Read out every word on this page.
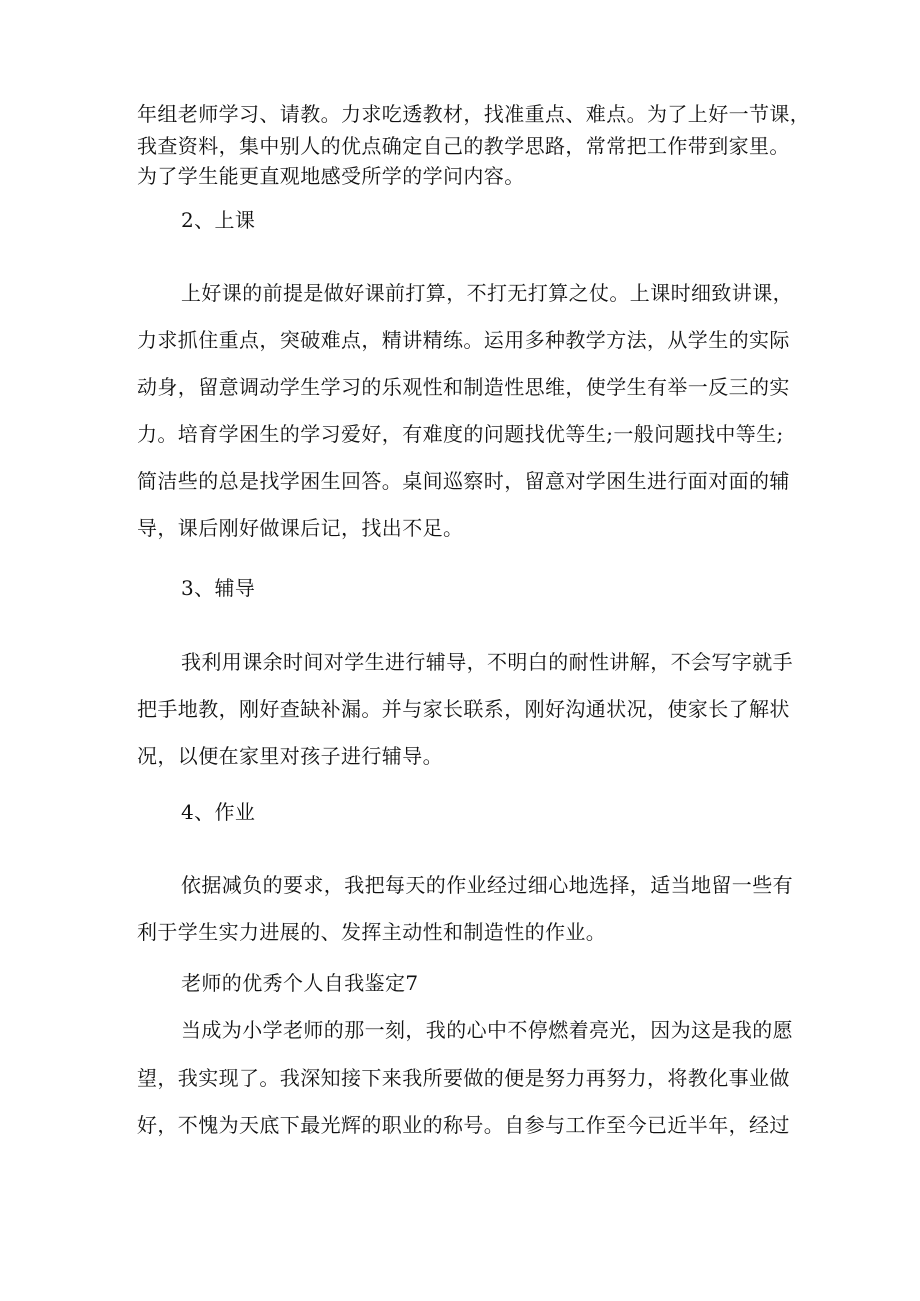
年组老师学习、请教。力求吃透教材，找准重点、难点。为了上好一节课，
我查资料，集中别人的优点确定自己的教学思路，常常把工作带到家里。
为了学生能更直观地感受所学的学问内容。
2、上课
上好课的前提是做好课前打算，不打无打算之仗。上课时细致讲课，
力求抓住重点，突破难点，精讲精练。运用多种教学方法，从学生的实际
动身，留意调动学生学习的乐观性和制造性思维，使学生有举一反三的实
力。培育学困生的学习爱好，有难度的问题找优等生;一般问题找中等生;
简洁些的总是找学困生回答。桌间巡察时，留意对学困生进行面对面的辅
导，课后刚好做课后记，找出不足。
3、辅导
我利用课余时间对学生进行辅导，不明白的耐性讲解，不会写字就手
把手地教，刚好查缺补漏。并与家长联系，刚好沟通状况，使家长了解状
况，以便在家里对孩子进行辅导。
4、作业
依据减负的要求，我把每天的作业经过细心地选择，适当地留一些有
利于学生实力进展的、发挥主动性和制造性的作业。
老师的优秀个人自我鉴定7
当成为小学老师的那一刻，我的心中不停燃着亮光，因为这是我的愿
望，我实现了。我深知接下来我所要做的便是努力再努力，将教化事业做
好，不愧为天底下最光辉的职业的称号。自参与工作至今已近半年，经过
